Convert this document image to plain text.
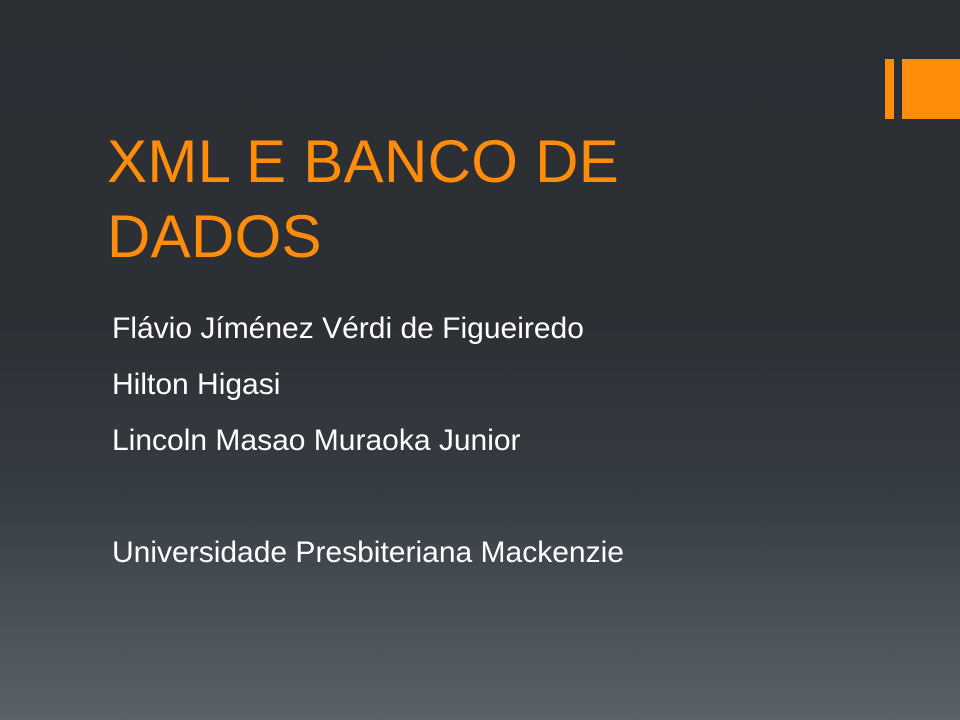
XML E BANCO DE
DADOS
Flávio Jíménez Vérdi de Figueiredo
Hilton Higasi
Lincoln Masao Muraoka Junior
Universidade Presbiteriana Mackenzie
